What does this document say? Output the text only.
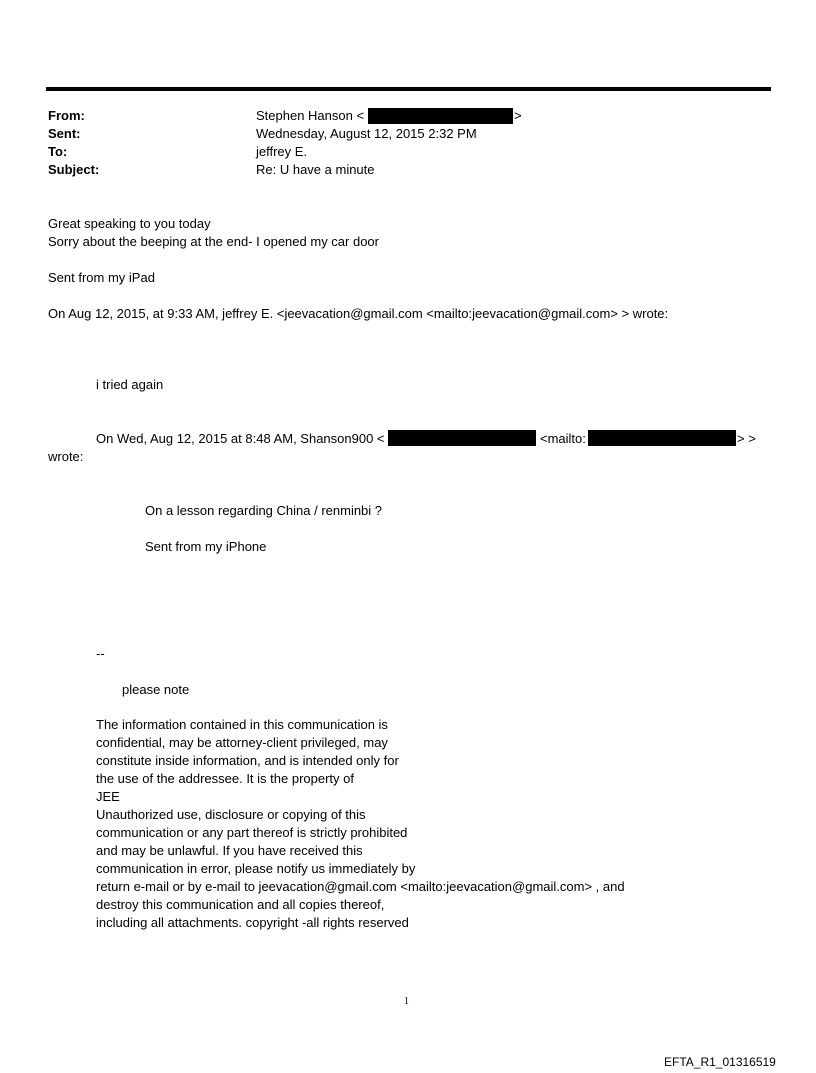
From:	Stephen Hanson <	>
Sent:	Wednesday, August 12, 2015 2:32 PM
To:	jeffrey E.
Subject:	Re: U have a minute
Great speaking to you today
Sorry about the beeping at the end- I opened my car door
Sent from my iPad
On Aug 12, 2015, at 9:33 AM, jeffrey E. <jeevacation@gmail.com <mailto:jeevacation@gmail.com> > wrote:
i tried again
On Wed, Aug 12, 2015 at 8:48 AM, Shanson900 <	<mailto:	> >
wrote:
On a lesson regarding China / renminbi ?
Sent from my iPhone
--
please note
The information contained in this communication is
confidential, may be attorney-client privileged, may
constitute inside information, and is intended only for
the use of the addressee. It is the property of
JEE
Unauthorized use, disclosure or copying of this
communication or any part thereof is strictly prohibited
and may be unlawful. If you have received this
communication in error, please notify us immediately by
return e-mail or by e-mail to jeevacation@gmail.com <mailto:jeevacation@gmail.com> , and
destroy this communication and all copies thereof,
including all attachments. copyright -all rights reserved
1
EFTA_R1_01316519
